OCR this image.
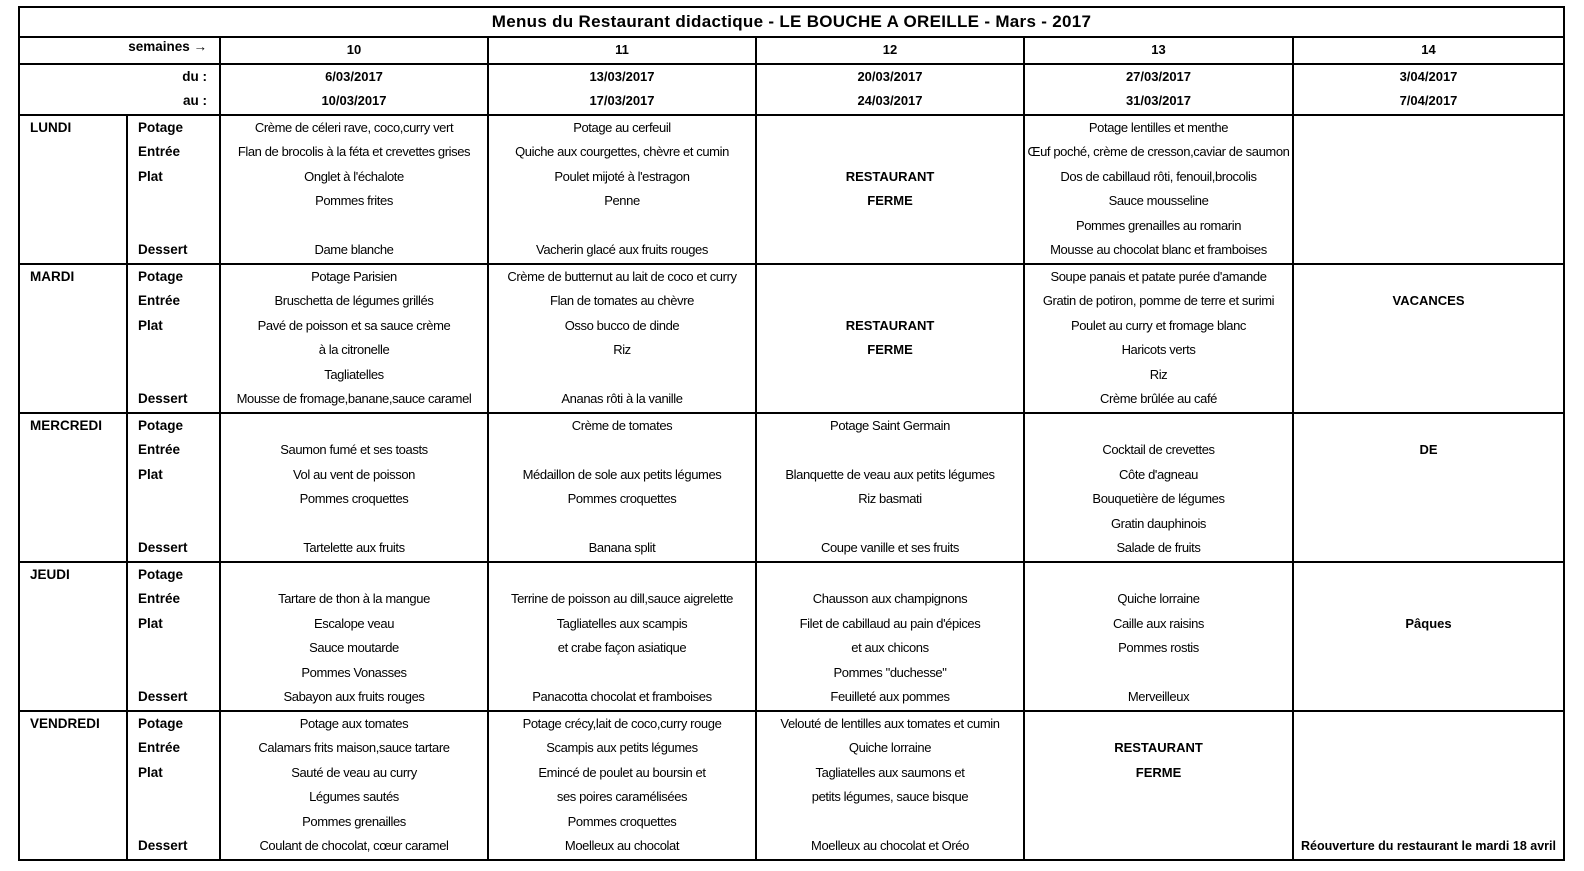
Menus du Restaurant didactique - LE BOUCHE A OREILLE - Mars - 2017						
semaines →		10	11	12	13	14
du :		6/03/2017	13/03/2017	20/03/2017	27/03/2017	3/04/2017
au :		10/03/2017	17/03/2017	24/03/2017	31/03/2017	7/04/2017
LUNDI	Potage	Crème de céleri rave, coco,curry vert	Potage au cerfeuil		Potage lentilles et menthe	
	Entrée	Flan de brocolis à la féta et crevettes grises	Quiche aux courgettes, chèvre et cumin		Œuf poché, crème de cresson,caviar de saumon	
	Plat	Onglet à l'échalote	Poulet mijoté à l'estragon	RESTAURANT	Dos de cabillaud rôti, fenouil,brocolis	
		Pommes frites	Penne	FERME	Sauce mousseline	
					Pommes grenailles au romarin	
	Dessert	Dame blanche	Vacherin glacé aux fruits rouges		Mousse au chocolat blanc et framboises	
MARDI	Potage	Potage Parisien	Crème de butternut au lait de coco et curry		Soupe panais et patate purée d'amande	
	Entrée	Bruschetta de légumes grillés	Flan de tomates au chèvre		Gratin de potiron, pomme de terre et surimi	VACANCES
	Plat	Pavé de poisson et sa sauce crème	Osso bucco de dinde	RESTAURANT	Poulet au curry et fromage blanc	
		à la citronelle	Riz	FERME	Haricots verts	
		Tagliatelles			Riz	
	Dessert	Mousse de fromage,banane,sauce caramel	Ananas rôti à la vanille		Crème brûlée au café	
MERCREDI	Potage		Crème de tomates	Potage Saint Germain		
	Entrée	Saumon fumé et ses toasts			Cocktail de crevettes	DE
	Plat	Vol au vent de poisson	Médaillon de sole aux petits légumes	Blanquette de veau aux petits légumes	Côte d'agneau	
		Pommes croquettes	Pommes croquettes	Riz basmati	Bouquetière de légumes	
					Gratin dauphinois	
	Dessert	Tartelette aux fruits	Banana split	Coupe vanille et ses fruits	Salade de fruits	
JEUDI	Potage					
	Entrée	Tartare de thon à la mangue	Terrine de poisson au dill,sauce aigrelette	Chausson aux champignons	Quiche lorraine	
	Plat	Escalope veau	Tagliatelles aux scampis	Filet de cabillaud au pain d'épices	Caille aux raisins	Pâques
		Sauce moutarde	et crabe façon asiatique	et aux chicons	Pommes rostis	
		Pommes Vonasses		Pommes "duchesse"		
	Dessert	Sabayon aux fruits rouges	Panacotta chocolat et framboises	Feuilleté aux pommes	Merveilleux	
VENDREDI	Potage	Potage aux tomates	Potage crécy,lait de coco,curry rouge	Velouté de lentilles aux tomates et cumin		
	Entrée	Calamars frits maison,sauce tartare	Scampis aux petits légumes	Quiche lorraine	RESTAURANT	
	Plat	Sauté de veau au curry	Emincé de poulet au boursin et	Tagliatelles aux saumons et	FERME	
		Légumes sautés	ses poires caramélisées	petits légumes, sauce bisque		
		Pommes grenailles	Pommes croquettes			
	Dessert	Coulant de chocolat, cœur caramel	Moelleux au chocolat	Moelleux au chocolat et Oréo		Réouverture du restaurant le mardi 18 avril
